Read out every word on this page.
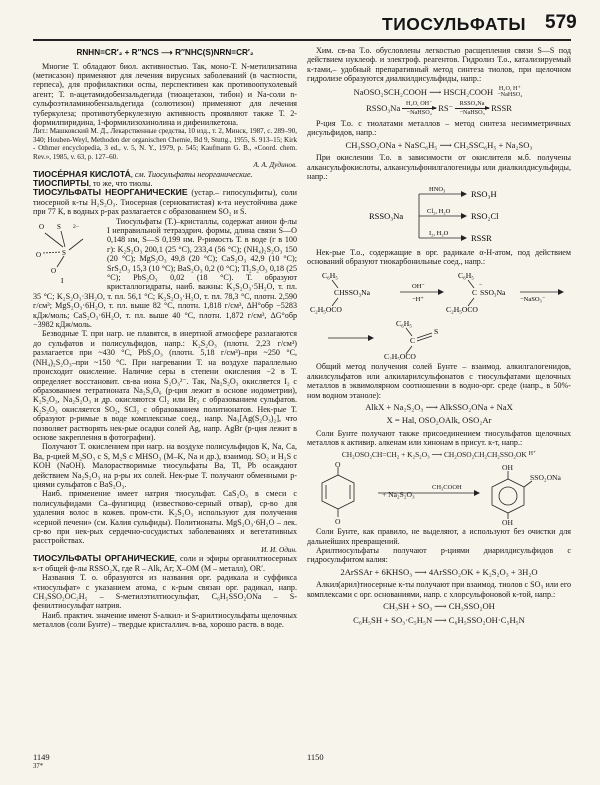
ТИОСУЛЬФАТЫ 579
RNHN=CR′₂ + R″NCS ⟶ R″NHC(S)NRN=CR′₂

Многие Т. обладают биол. активностью. Так, моно-Т. N-метилизатина (метисазон) применяют для лечения вирусных заболеваний (в частности, герпеса), для профилактики оспы, перспективен как противоопухолевый агент; Т. n-ацетамидобензальдегида (тиоацетазон, тибон) и Na-соли n-сульфоэтиламинобензальдегида (солютизон) применяют для лечения туберкулеза; противотуберкулезную активность проявляют также Т. 2-формилпиридина, 1-формилизохинолина и дифенилкетона.

Лит.: Машковский М. Д., Лекарственные средства, 10 изд., т. 2, Минск, 1987, с. 289–90, 340; Houben-Weyl, Methoden der organischen Chemie, Bd 9, Stuttg., 1955, S. 913–15; Kirk - Othmer encyclopedia, 3 ed., v. 5, N. Y., 1979, p. 545; Kaufmann G. B., «Coord. chem. Rev.», 1985, v. 63, p. 127–60.

А. А. Дудинов.

ТИОСЕ́РНАЯ КИСЛОТА́, см. Тиосульфаты неорганические.

ТИОСПИРТЫ, то же, что тиолы.

ТИОСУЛЬФАТЫ НЕОРГАНИЧЕСКИЕ (устар.– гипосульфиты), соли тиосерной к-ты H₂S₂O₃. Тиосерная (серноватистая) к-та неустойчива даже при 77 К, в водных р-рах разлагается с образованием SO₂ и S.

O S 2−
S
O
O
I

Тиосульфаты (Т.)–кристаллы, содержат анион ф-лы I неправильной тетраэдрич. формы, длина связи S—O 0,148 нм, S—S 0,199 нм. Р-римость Т. в воде (г в 100 г): K₂S₂O₃ 200,1 (25 °C), 233,4 (56 °C); (NH₄)₂S₂O₃ 150 (20 °C); MgS₂O₃ 49,8 (20 °C); CaS₂O₃ 42,9 (10 °C); SrS₂O₃ 15,3 (10 °C); BaS₂O₃ 0,2 (0 °C); Tl₂S₂O₃ 0,18 (25 °C); PbS₂O₃ 0,02 (18 °C). Т. образуют кристаллогидраты, наиб. важны: K₂S₂O₃·5H₂O, т. пл. 35 °C; K₂S₂O₃·3H₂O, т. пл. 56,1 °C; K₂S₂O₃·H₂O, т. пл. 78,3 °C, плотн. 2,590 г/см³; MgS₂O₃·6H₂O, т. пл. выше 82 °C, плотн. 1,818 г/см³, ΔH°обр −5283 кДж/моль; CaS₂O₃·6H₂O, т. пл. выше 40 °C, плотн. 1,872 г/см³, ΔG°обр −3982 кДж/моль.

Безводные Т. при нагр. не плавятся, в инертной атмосфере разлагаются до сульфатов и полисульфидов, напр.: K₂S₂O₃ (плотн. 2,23 г/см³) разлагается при ~430 °C, PbS₂O₃ (плотн. 5,18 г/см³)–при ~250 °C, (NH₄)₂S₂O₃–при ~150 °C. При нагревании Т. на воздухе параллельно происходит окисление. Наличие серы в степени окисления −2 в Т. определяет восстановит. св-ва иона S₂O₃²⁻. Так, Na₂S₂O₃ окисляется I₂ с образованием тетратионата Na₂S₄O₆ (р-ция лежит в основе иодометрии), K₂S₂O₃, Na₂S₂O₃ и др. окисляются Cl₂ или Br₂ с образованием сульфатов. K₂S₂O₃ окисляется SO₂, SCl₂ с образованием политионатов. Нек-рые Т. образуют р-римые в воде комплексные соед., напр. Na₃[Ag(S₂O₃)₂], что позволяет растворять нек-рые осадки солей Ag, напр. AgBr (р-ция лежит в основе закрепления в фотографии).

Получают Т. окислением при нагр. на воздухе полисульфидов K, Na, Ca, Ba, р-цией M₂SO₃ с S, M₂S с MHSO₃ (M–K, Na и др.), взаимод. SO₂ и H₂S с KOH (NaOH). Малорастворимые тиосульфаты Ba, Tl, Pb осаждают действием Na₂S₂O₃ на р-ры их солей. Нек-рые Т. получают обменными р-циями сульфатов с BaS₂O₃.

Наиб. применение имеет натрия тиосульфат. CaS₂O₃ в смеси с полисульфидами Ca–фунгицид (известково-серный отвар), ср-во для удаления волос в кожев. пром-сти. K₂S₂O₃ используют для получения «серной печени» (см. Калия сульфиды). Политионаты. MgS₂O₃·6H₂O – лек. ср-во при нек-рых сердечно-сосудистых заболеваниях и вегетативных расстройствах.

И. И. Один.

ТИОСУЛЬФАТЫ ОРГАНИЧЕСКИЕ, соли и эфиры органилтиосерных к-т общей ф-лы RSSO₂X, где R – Alk, Ar; X–OM (M – металл), OR′.

Названия Т. о. образуются из названия орг. радикала и суффикса «тиосульфат» с указанием атома, с к-рым связан орг. радикал, напр. CH₃SSO₂OC₂H₅ – S-метилэтилтиосульфат, C₆H₅SSO₂ONa – S-фенилтиосульфат натрия.

Наиб. практич. значение имеют S-алкил- и S-арилтиосульфаты щелочных металлов (соли Бунте) – твердые кристаллич. в-ва, хорошо раств. в воде.

Хим. св-ва Т.о. обусловлены легкостью расщепления связи S—S под действием нуклеоф. и электроф. реагентов. Гидролиз Т.о., катализируемый к-тами,– удобный препаративный метод синтеза тиолов, при щелочном гидролизе образуются диалкилдисульфиды, напр.:

NaOSO₂SCH₂COOH ⟶ HSCH₂COOH H₂O, H⁺
−NaHSO₄
RSSO₃Na H₂O, OH⁻
−NaHSO₄ RS⁻ RSSO₃Na
−NaHSO₃ RSSR

Р-ция Т.о. с тиолатами металлов – метод синтеза несимметричных дисульфидов, напр.:

CH₃SSO₂ONa + NaSC₆H₅ ⟶ CH₃SSC₆H₅ + Na₂SO₃

При окислении Т.о. в зависимости от окислителя м.б. получены алкансульфокислоты, алкансульфонилгалогениды или диалкилдисульфиды, напр.:

RSSO₃Na
HNO₃
Cl₂, H₂O
I₂, H₂O
RSO₃H
RSO₂Cl
RSSR

Нек-рые Т.о., содержащие в орг. радикале α-H-атом, под действием оснований образуют тиокарбонильные соед., напр.:

C₆H₅
CHSSO₃Na
C₂H₅OCO
OH⁻
−H⁺
C₆H₅
C
−
SSO₃Na
C₂H₅OCO
−NaSO₃⁻
C₆H₅
C
S
C₂H₅OCO

Общий метод получения солей Бунте – взаимод. алкилгалогенидов, алкилсульфатов или алкиларилсульфонатов с тиосульфатами щелочных металлов в эквимолярном соотношении в водно-орг. среде (напр., в 50%-ном водном этаноле):

AlkX + Na₂S₂O₃ ⟶ AlkSSO₂ONa + NaX
X = Hal, OSO₂OAlk, OSO₂Ar

Соли Бунте получают также присоединением тиосульфатов щелочных металлов к активир. алкенам или хинонам в присут. к-т, напр.:

CH₂OSO₂CH=CH₂ + K₂S₂O₃ ⟶ CH₂OSO₂CH₂CH₂SSO₂OK H⁺
O
O
+ Na₂S₂O₃
CH₃COOH
OH
OH
SSO₂ONa

Соли Бунте, как правило, не выделяют, а используют без очистки для дальнейших превращений.

Арилтиосульфаты получают р-циями диарилдисульфидов с гидросульфитом калия:

2ArSSAr + 6KHSO₃ ⟶ 4ArSSO₂OK + K₂S₂O₃ + 3H₂O

Алкил(арил)тиосерные к-ты получают при взаимод. тиолов с SO₃ или его комплексами с орг. основаниями, напр. с хлорсульфоновой к-той, напр.:

CH₃SH + SO₃ ⟶ CH₃SSO₂OH
C₆H₅SH + SO₃·C₅H₅N ⟶ C₆H₅SSO₂OH·C₅H₅N
1149
37*
1150
